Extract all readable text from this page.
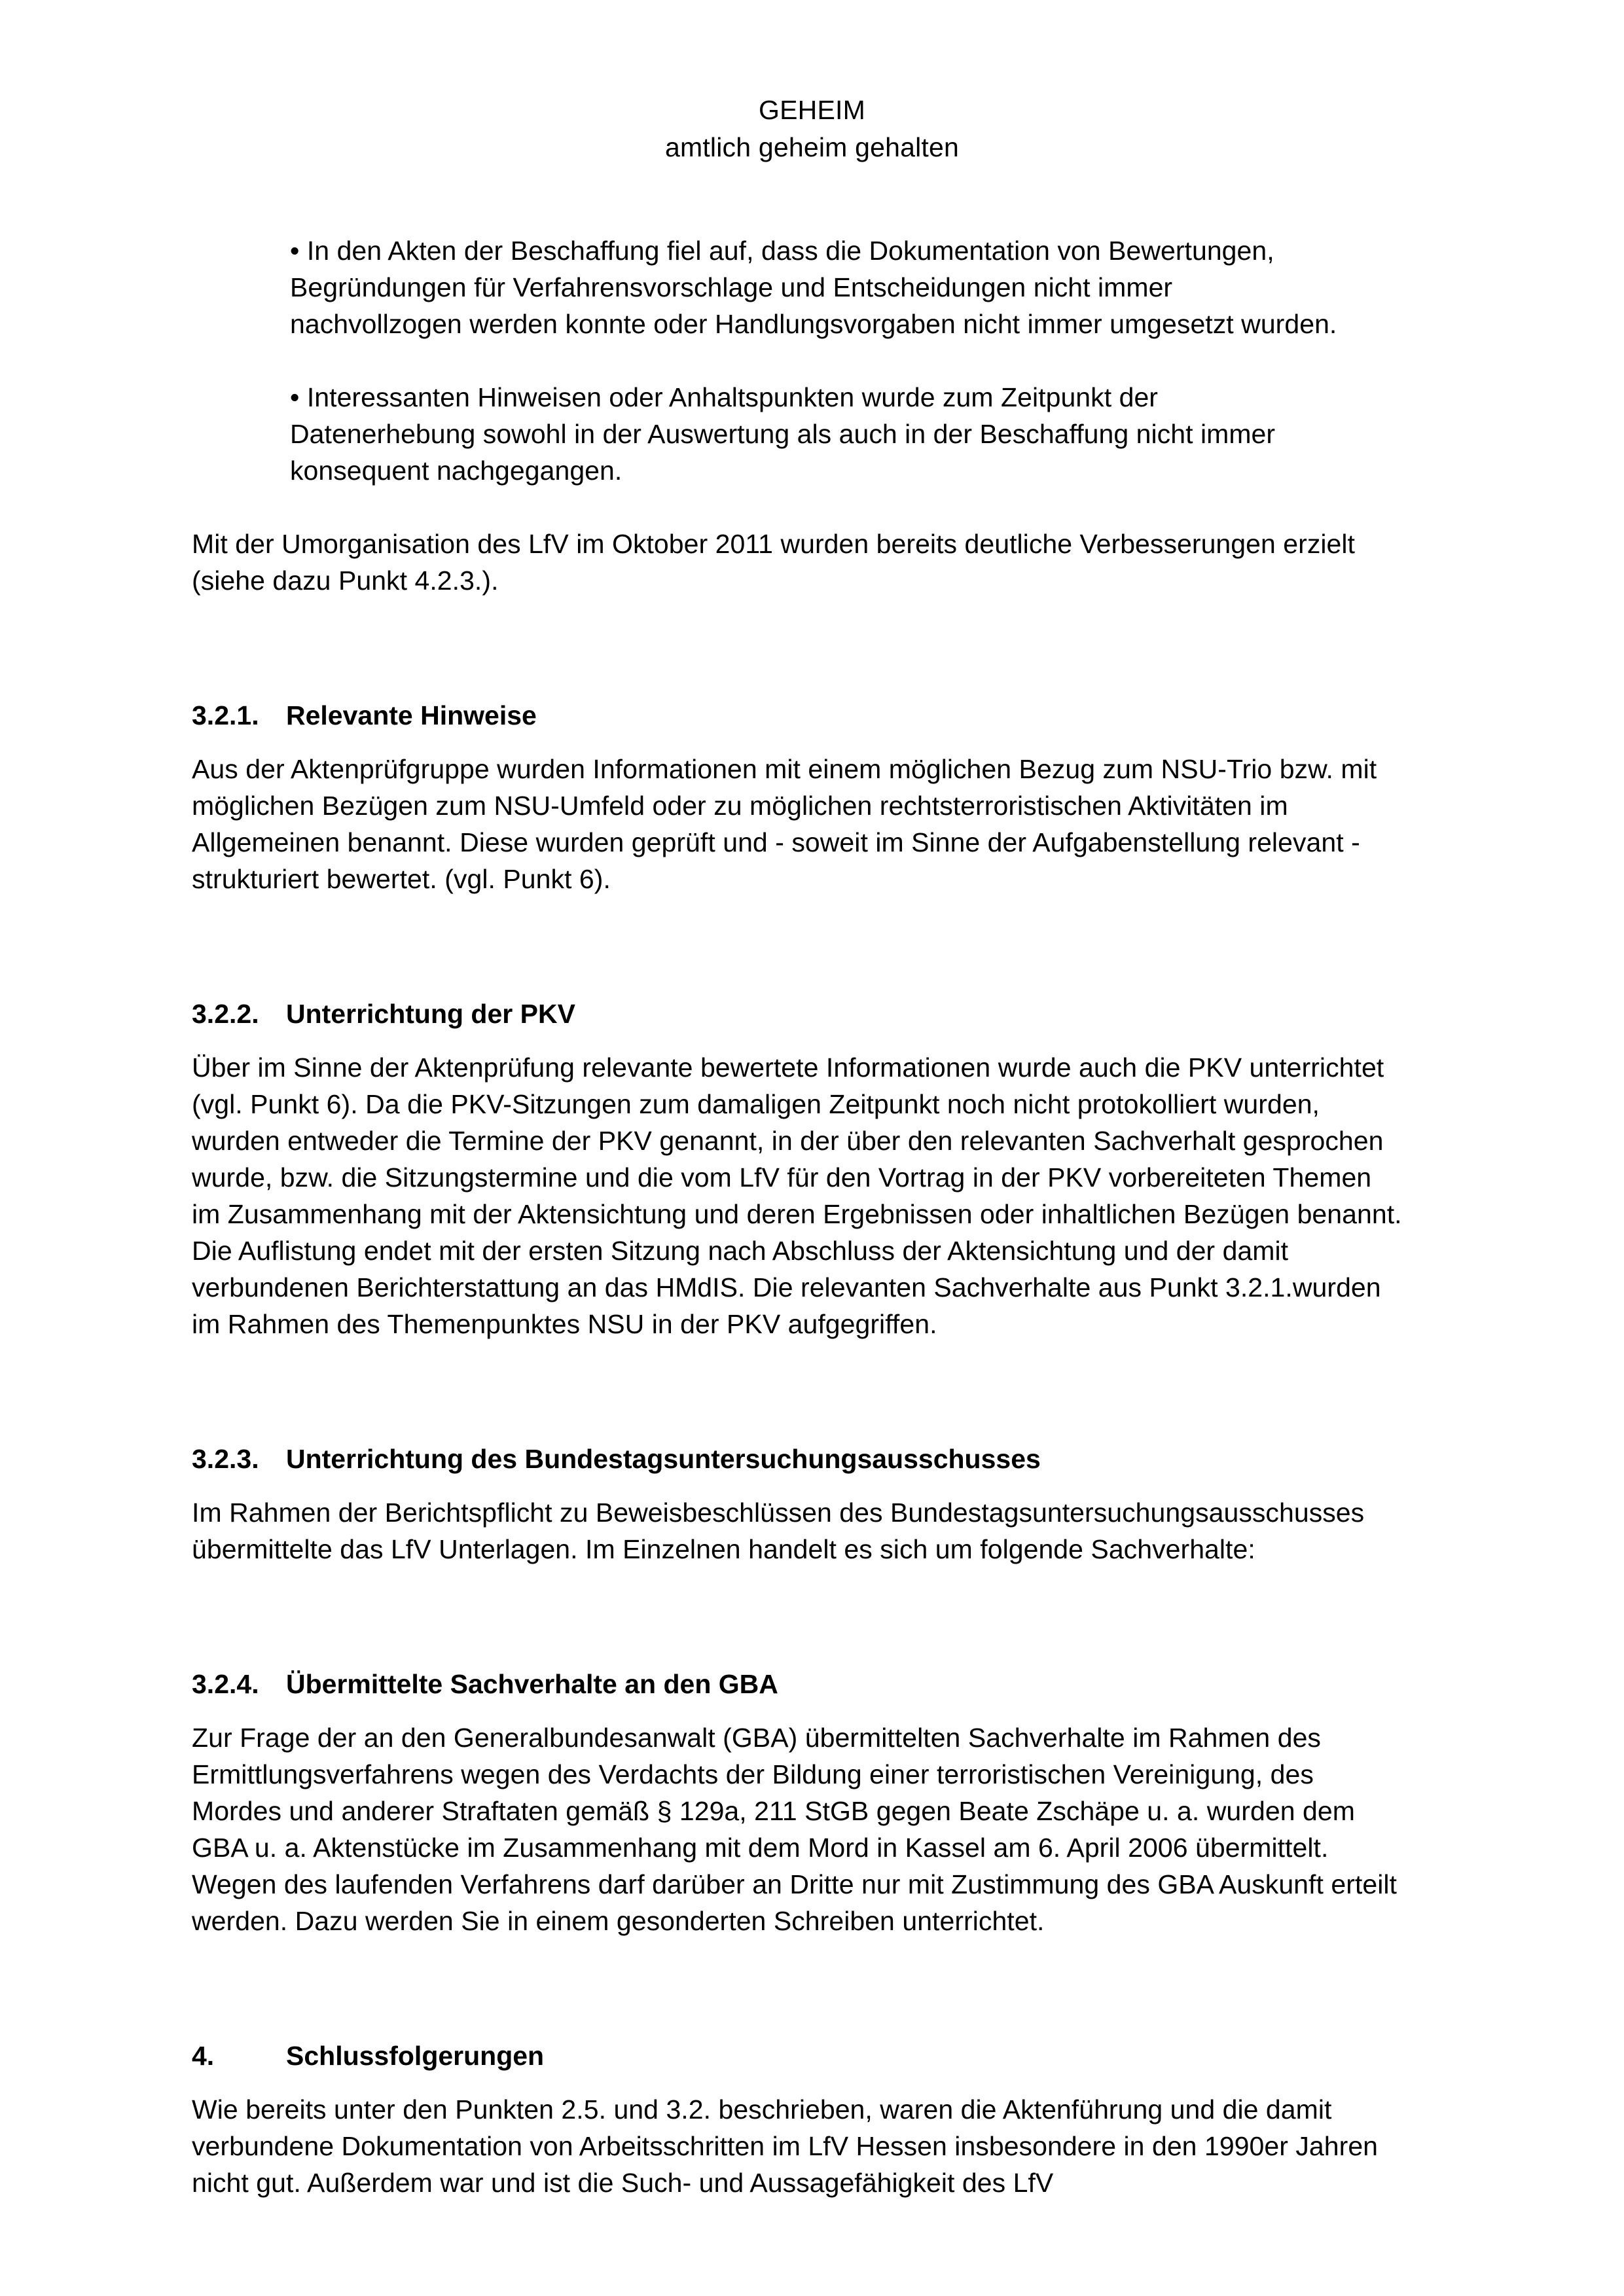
GEHEIM
amtlich geheim gehalten

• In den Akten der Beschaffung fiel auf, dass die Dokumentation von Bewertungen, Begründungen für Verfahrensvorschlage und Entscheidungen nicht immer nachvollzogen werden konnte oder Handlungsvorgaben nicht immer umgesetzt wurden.

• Interessanten Hinweisen oder Anhaltspunkten wurde zum Zeitpunkt der Datenerhebung sowohl in der Auswertung als auch in der Beschaffung nicht immer konsequent nachgegangen.

Mit der Umorganisation des LfV im Oktober 2011 wurden bereits deutliche Verbesserungen erzielt (siehe dazu Punkt 4.2.3.).

3.2.1. Relevante Hinweise

Aus der Aktenprüfgruppe wurden Informationen mit einem möglichen Bezug zum NSU-Trio bzw. mit möglichen Bezügen zum NSU-Umfeld oder zu möglichen rechtsterroristischen Aktivitäten im Allgemeinen benannt. Diese wurden geprüft und - soweit im Sinne der Aufgabenstellung relevant - strukturiert bewertet. (vgl. Punkt 6).

3.2.2. Unterrichtung der PKV

Über im Sinne der Aktenprüfung relevante bewertete Informationen wurde auch die PKV unterrichtet (vgl. Punkt 6). Da die PKV-Sitzungen zum damaligen Zeitpunkt noch nicht protokolliert wurden, wurden entweder die Termine der PKV genannt, in der über den relevanten Sachverhalt gesprochen wurde, bzw. die Sitzungstermine und die vom LfV für den Vortrag in der PKV vorbereiteten Themen im Zusammenhang mit der Aktensichtung und deren Ergebnissen oder inhaltlichen Bezügen benannt. Die Auflistung endet mit der ersten Sitzung nach Abschluss der Aktensichtung und der damit verbundenen Berichterstattung an das HMdIS. Die relevanten Sachverhalte aus Punkt 3.2.1.wurden im Rahmen des Themenpunktes NSU in der PKV aufgegriffen.

3.2.3. Unterrichtung des Bundestagsuntersuchungsausschusses

Im Rahmen der Berichtspflicht zu Beweisbeschlüssen des Bundestagsuntersuchungsausschusses übermittelte das LfV Unterlagen. Im Einzelnen handelt es sich um folgende Sachverhalte:

3.2.4. Übermittelte Sachverhalte an den GBA

Zur Frage der an den Generalbundesanwalt (GBA) übermittelten Sachverhalte im Rahmen des Ermittlungsverfahrens wegen des Verdachts der Bildung einer terroristischen Vereinigung, des Mordes und anderer Straftaten gemäß § 129a, 211 StGB gegen Beate Zschäpe u. a. wurden dem GBA u. a. Aktenstücke im Zusammenhang mit dem Mord in Kassel am 6. April 2006 übermittelt. Wegen des laufenden Verfahrens darf darüber an Dritte nur mit Zustimmung des GBA Auskunft erteilt werden. Dazu werden Sie in einem gesonderten Schreiben unterrichtet.

4.	Schlussfolgerungen

Wie bereits unter den Punkten 2.5. und 3.2. beschrieben, waren die Aktenführung und die damit verbundene Dokumentation von Arbeitsschritten im LfV Hessen insbesondere in den 1990er Jahren nicht gut. Außerdem war und ist die Such- und Aussagefähigkeit des LfV
